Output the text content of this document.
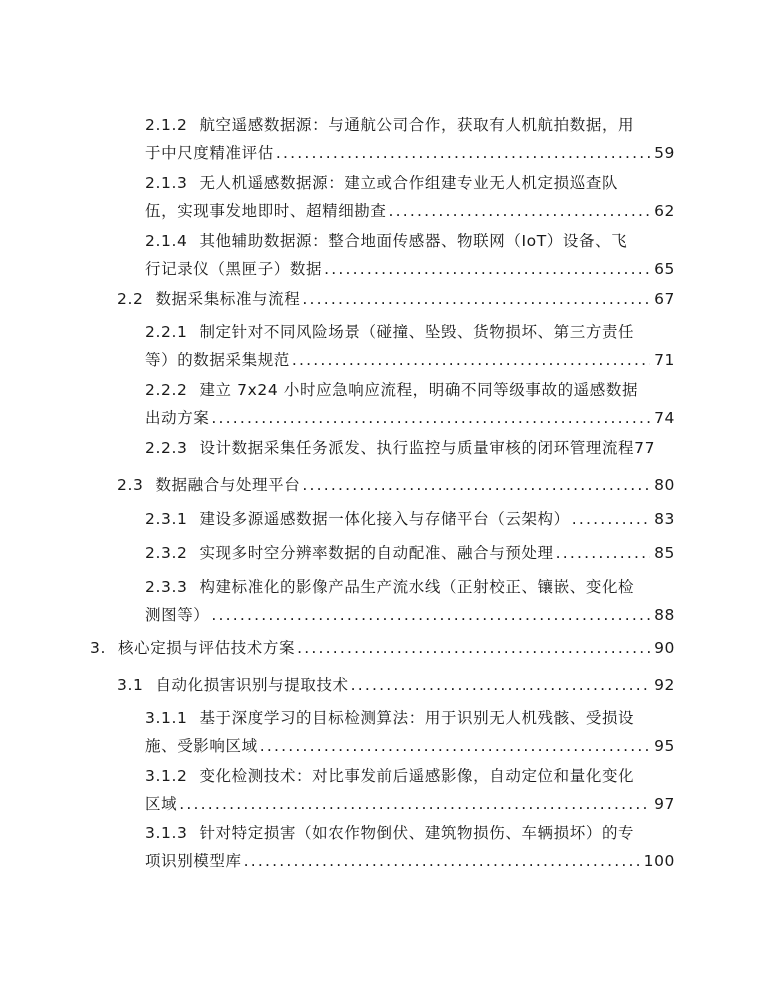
2.1.2 航空遥感数据源：与通航公司合作，获取有人机航拍数据，用
于中尺度精准评估 .....	59
2.1.3 无人机遥感数据源：建立或合作组建专业无人机定损巡查队
伍，实现事发地即时、超精细勘查 .....	62
2.1.4 其他辅助数据源：整合地面传感器、物联网（IoT）设备、飞
行记录仪（黑匣子）数据 .....	65
2.2 数据采集标准与流程 .....	67
2.2.1 制定针对不同风险场景（碰撞、坠毁、货物损坏、第三方责任
等）的数据采集规范 .....	71
2.2.2 建立 7x24 小时应急响应流程，明确不同等级事故的遥感数据
出动方案 .....	74
2.2.3 设计数据采集任务派发、执行监控与质量审核的闭环管理流程 77
2.3 数据融合与处理平台 .....	80
2.3.1 建设多源遥感数据一体化接入与存储平台（云架构） .....	83
2.3.2 实现多时空分辨率数据的自动配准、融合与预处理 .....	85
2.3.3 构建标准化的影像产品生产流水线（正射校正、镶嵌、变化检
测图等） .....	88
3. 核心定损与评估技术方案 .....	90
3.1 自动化损害识别与提取技术 .....	92
3.1.1 基于深度学习的目标检测算法：用于识别无人机残骸、受损设
施、受影响区域 .....	95
3.1.2 变化检测技术：对比事发前后遥感影像，自动定位和量化变化
区域 .....	97
3.1.3 针对特定损害（如农作物倒伏、建筑物损伤、车辆损坏）的专
项识别模型库 .....	100
